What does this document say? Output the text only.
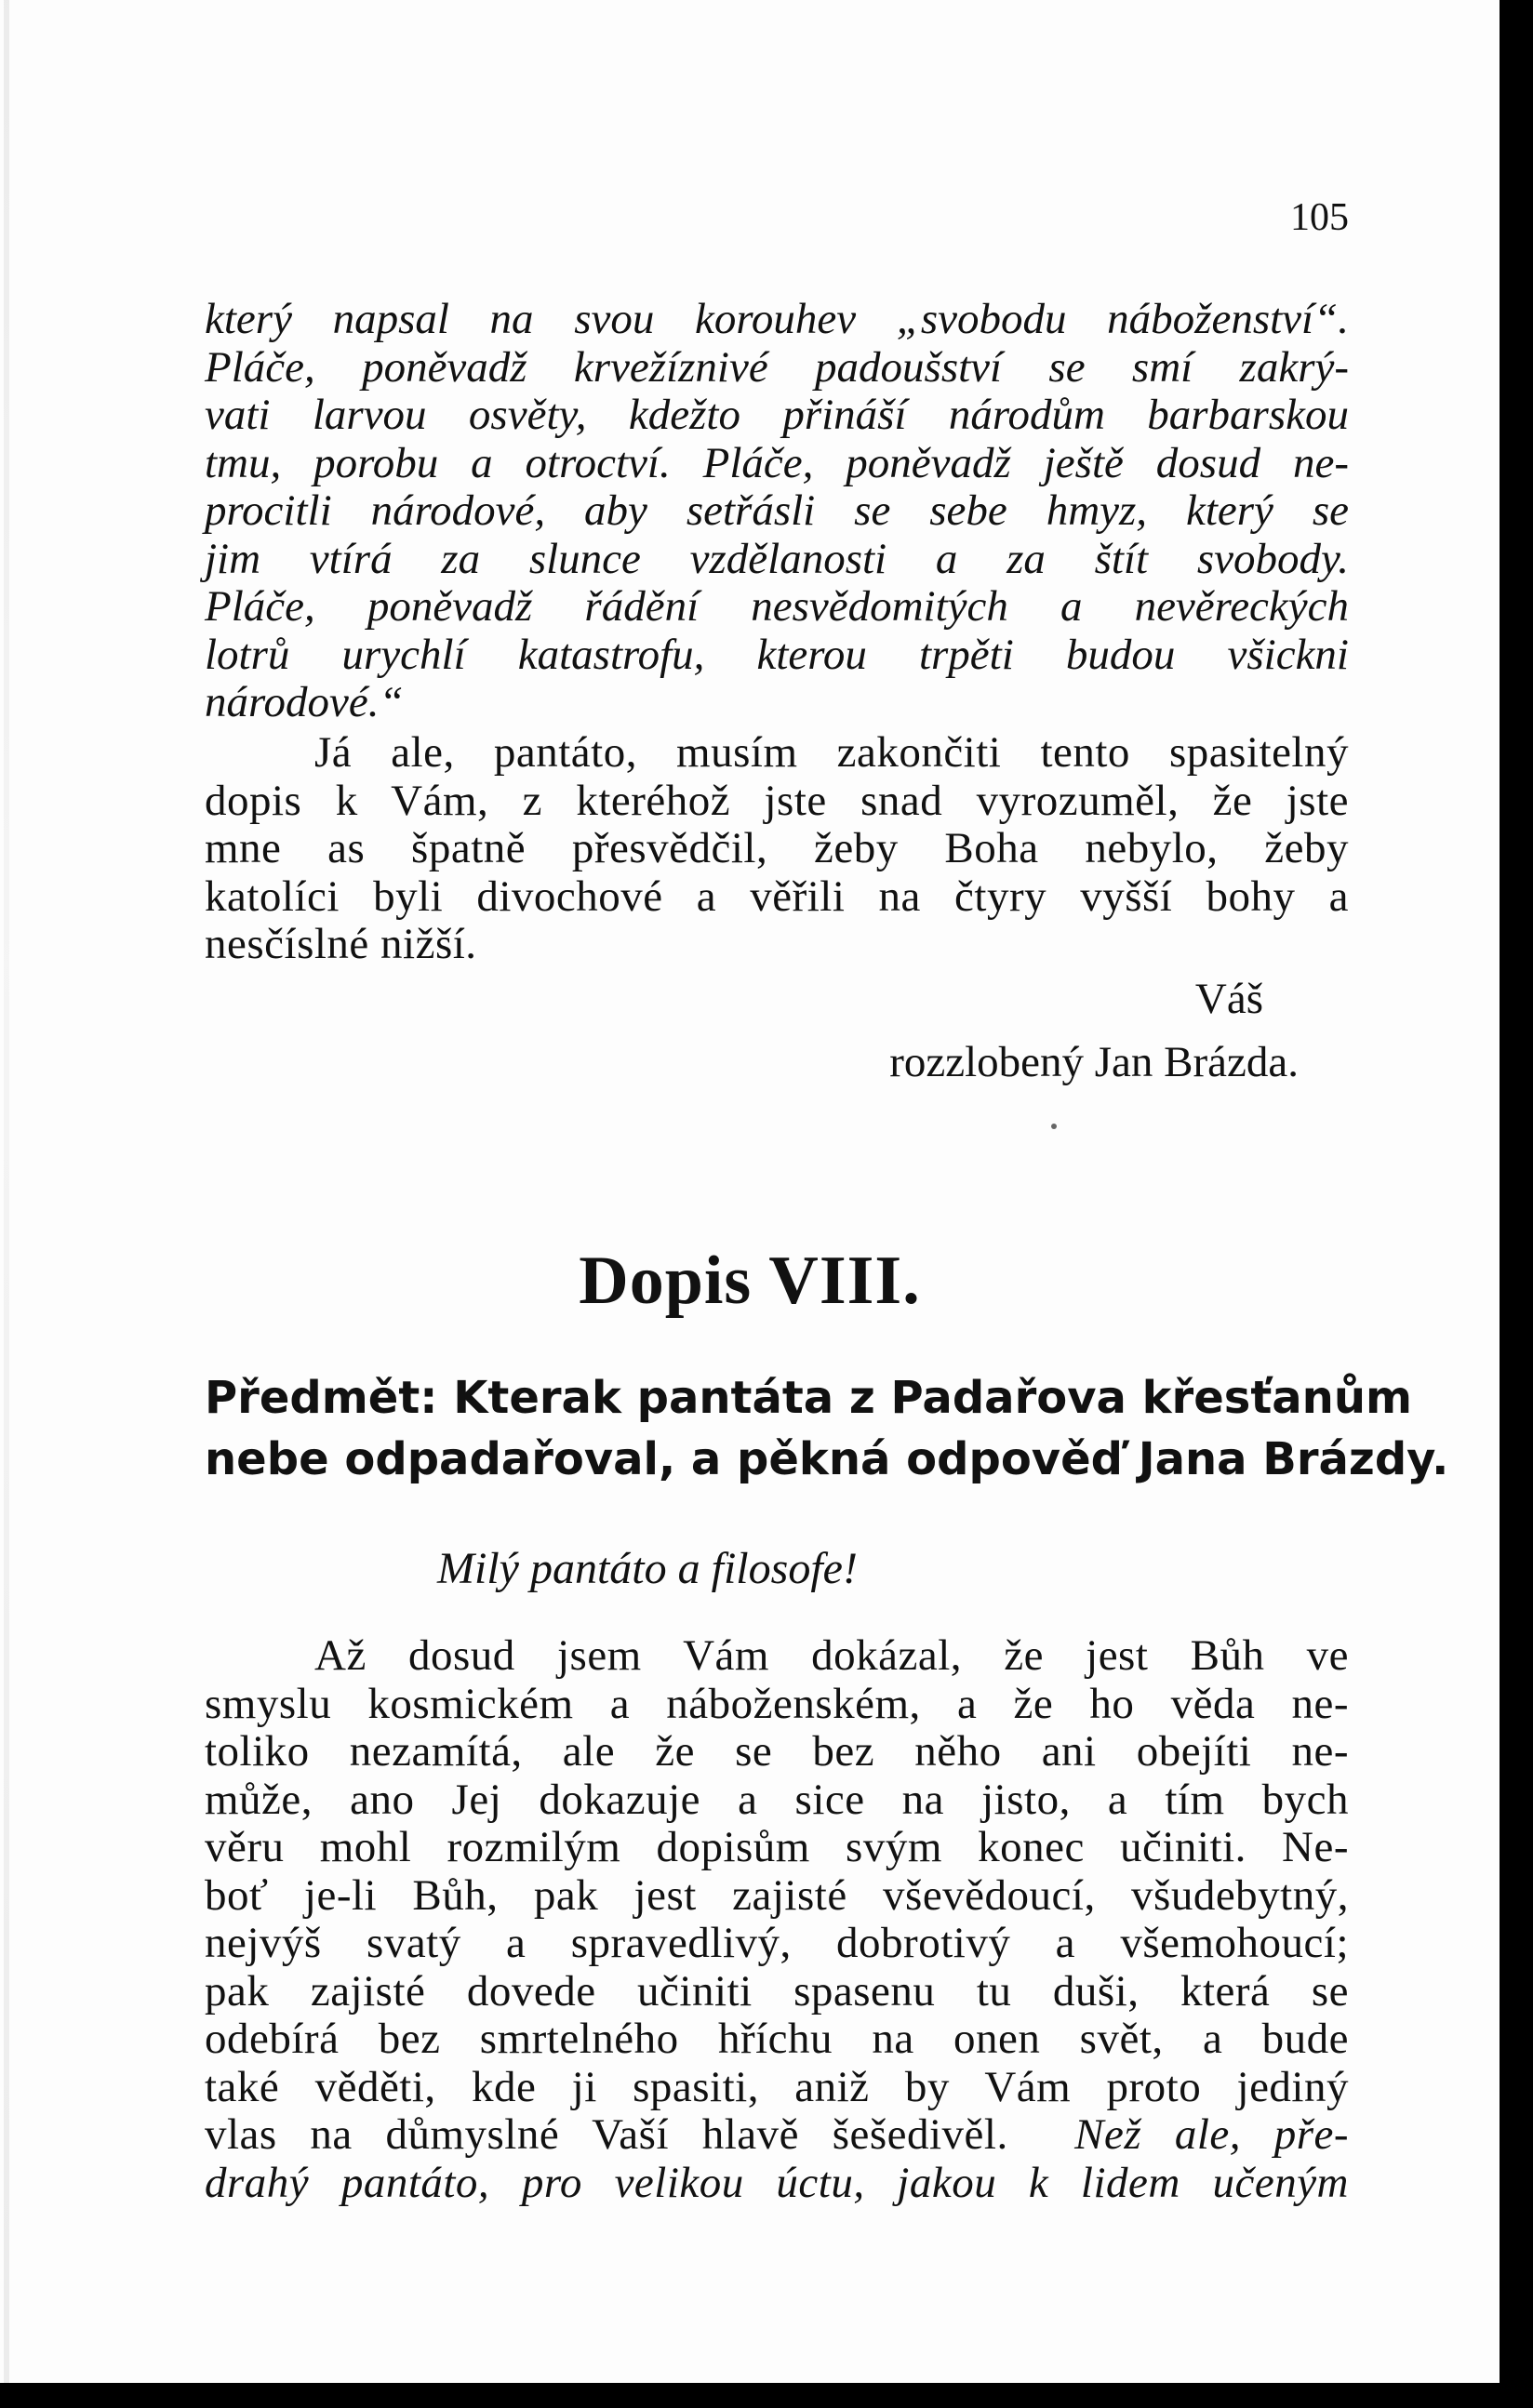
105
který napsal na svou korouhev „svobodu náboženství“.
Pláče, poněvadž krvežíznivé padoušství se smí zakrý-
vati larvou osvěty, kdežto přináší národům barbarskou
tmu, porobu a otroctví. Pláče, poněvadž ještě dosud ne-
procitli národové, aby setřásli se sebe hmyz, který se
jim vtírá za slunce vzdělanosti a za štít svobody.
Pláče, poněvadž řádění nesvědomitých a nevěreckých
lotrů urychlí katastrofu, kterou trpěti budou všickni
národové.“
Já ale, pantáto, musím zakončiti tento spasitelný
dopis k Vám, z kteréhož jste snad vyrozuměl, že jste
mne as špatně přesvědčil, žeby Boha nebylo, žeby
katolíci byli divochové a věřili na čtyry vyšší bohy a
nesčíslné nižší.
Váš
rozzlobený Jan Brázda.
Dopis VIII.
Předmět: Kterak pantáta z Padařova křesťanům
nebe odpadařoval, a pěkná odpověď Jana Brázdy.
Milý pantáto a filosofe!
Až dosud jsem Vám dokázal, že jest Bůh ve
smyslu kosmickém a náboženském, a že ho věda ne-
toliko nezamítá, ale že se bez něho ani obejíti ne-
může, ano Jej dokazuje a sice na jisto, a tím bych
věru mohl rozmilým dopisům svým konec učiniti. Ne-
boť je-li Bůh, pak jest zajisté vševědoucí, všudebytný,
nejvýš svatý a spravedlivý, dobrotivý a všemohoucí;
pak zajisté dovede učiniti spasenu tu duši, která se
odebírá bez smrtelného hříchu na onen svět, a bude
také věděti, kde ji spasiti, aniž by Vám proto jediný
vlas na důmyslné Vaší hlavě šešedivěl. Než ale, pře-
drahý pantáto, pro velikou úctu, jakou k lidem učeným
